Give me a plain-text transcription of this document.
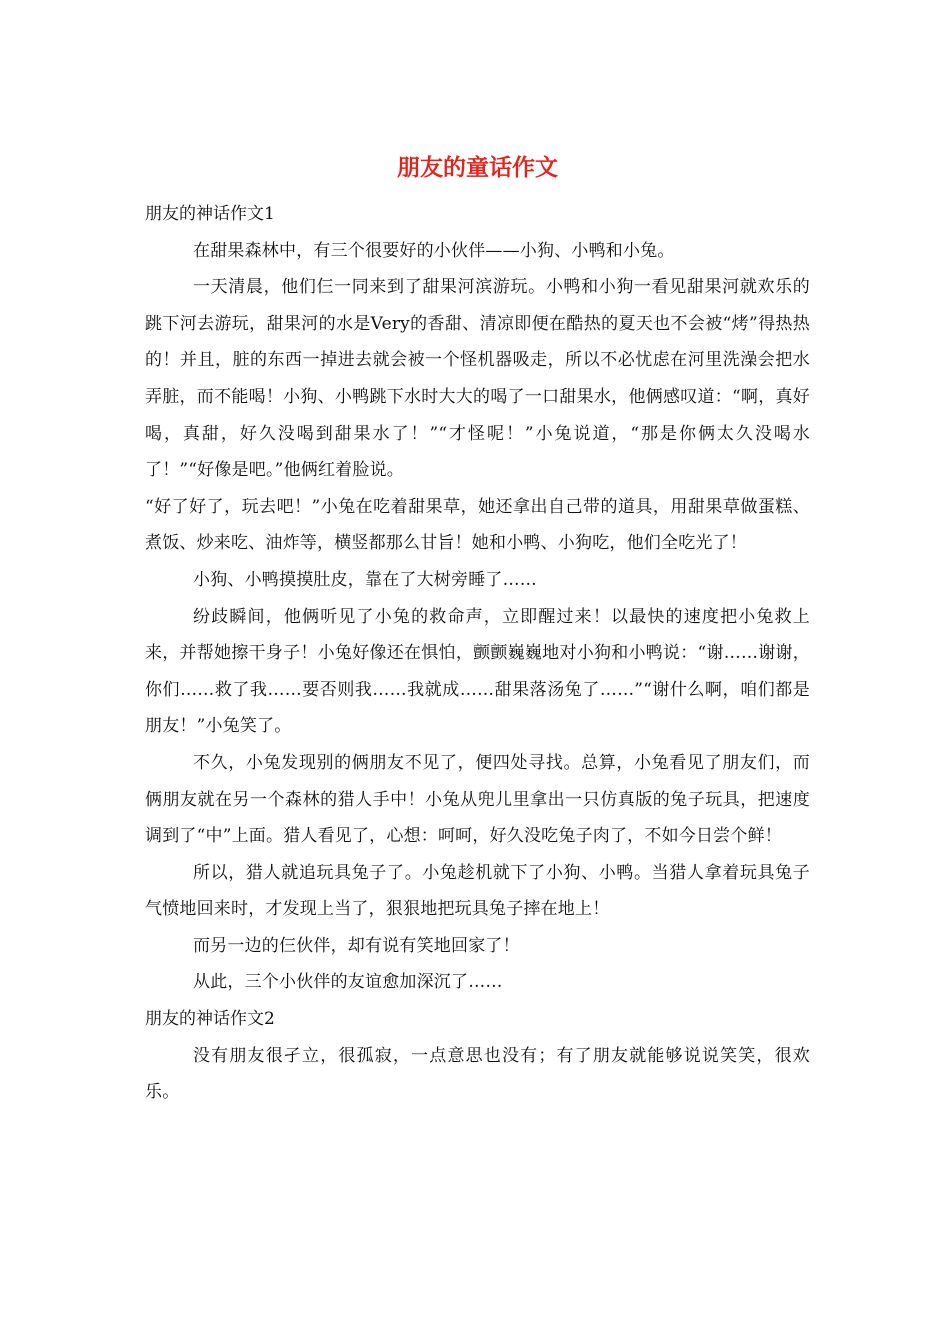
朋友的童话作文
朋友的神话作文1

在甜果森林中，有三个很要好的小伙伴——小狗、小鸭和小兔。

一天清晨，他们仨一同来到了甜果河滨游玩。小鸭和小狗一看见甜果河就欢乐的跳下河去游玩，甜果河的水是Very的香甜、清凉即便在酷热的夏天也不会被“烤”得热热的！并且，脏的东西一掉进去就会被一个怪机器吸走，所以不必忧虑在河里洗澡会把水弄脏，而不能喝！小狗、小鸭跳下水时大大的喝了一口甜果水，他俩感叹道：“啊，真好喝，真甜，好久没喝到甜果水了！”“才怪呢！”小兔说道，“那是你俩太久没喝水了！”“好像是吧。”他俩红着脸说。

“好了好了，玩去吧！”小兔在吃着甜果草，她还拿出自己带的道具，用甜果草做蛋糕、煮饭、炒来吃、油炸等，横竖都那么甘旨！她和小鸭、小狗吃，他们全吃光了！

小狗、小鸭摸摸肚皮，靠在了大树旁睡了……

纷歧瞬间，他俩听见了小兔的救命声，立即醒过来！以最快的速度把小兔救上来，并帮她擦干身子！小兔好像还在惧怕，颤颤巍巍地对小狗和小鸭说：“谢……谢谢，你们……救了我……要否则我……我就成……甜果落汤兔了……”“谢什么啊，咱们都是朋友！”小兔笑了。

不久，小兔发现别的俩朋友不见了，便四处寻找。总算，小兔看见了朋友们，而俩朋友就在另一个森林的猎人手中！小兔从兜儿里拿出一只仿真版的兔子玩具，把速度调到了“中”上面。猎人看见了，心想：呵呵，好久没吃兔子肉了，不如今日尝个鲜！

所以，猎人就追玩具兔子了。小兔趁机就下了小狗、小鸭。当猎人拿着玩具兔子气愤地回来时，才发现上当了，狠狠地把玩具兔子摔在地上！

而另一边的仨伙伴，却有说有笑地回家了！

从此，三个小伙伴的友谊愈加深沉了……

朋友的神话作文2

没有朋友很孑立，很孤寂，一点意思也没有；有了朋友就能够说说笑笑，很欢乐。
